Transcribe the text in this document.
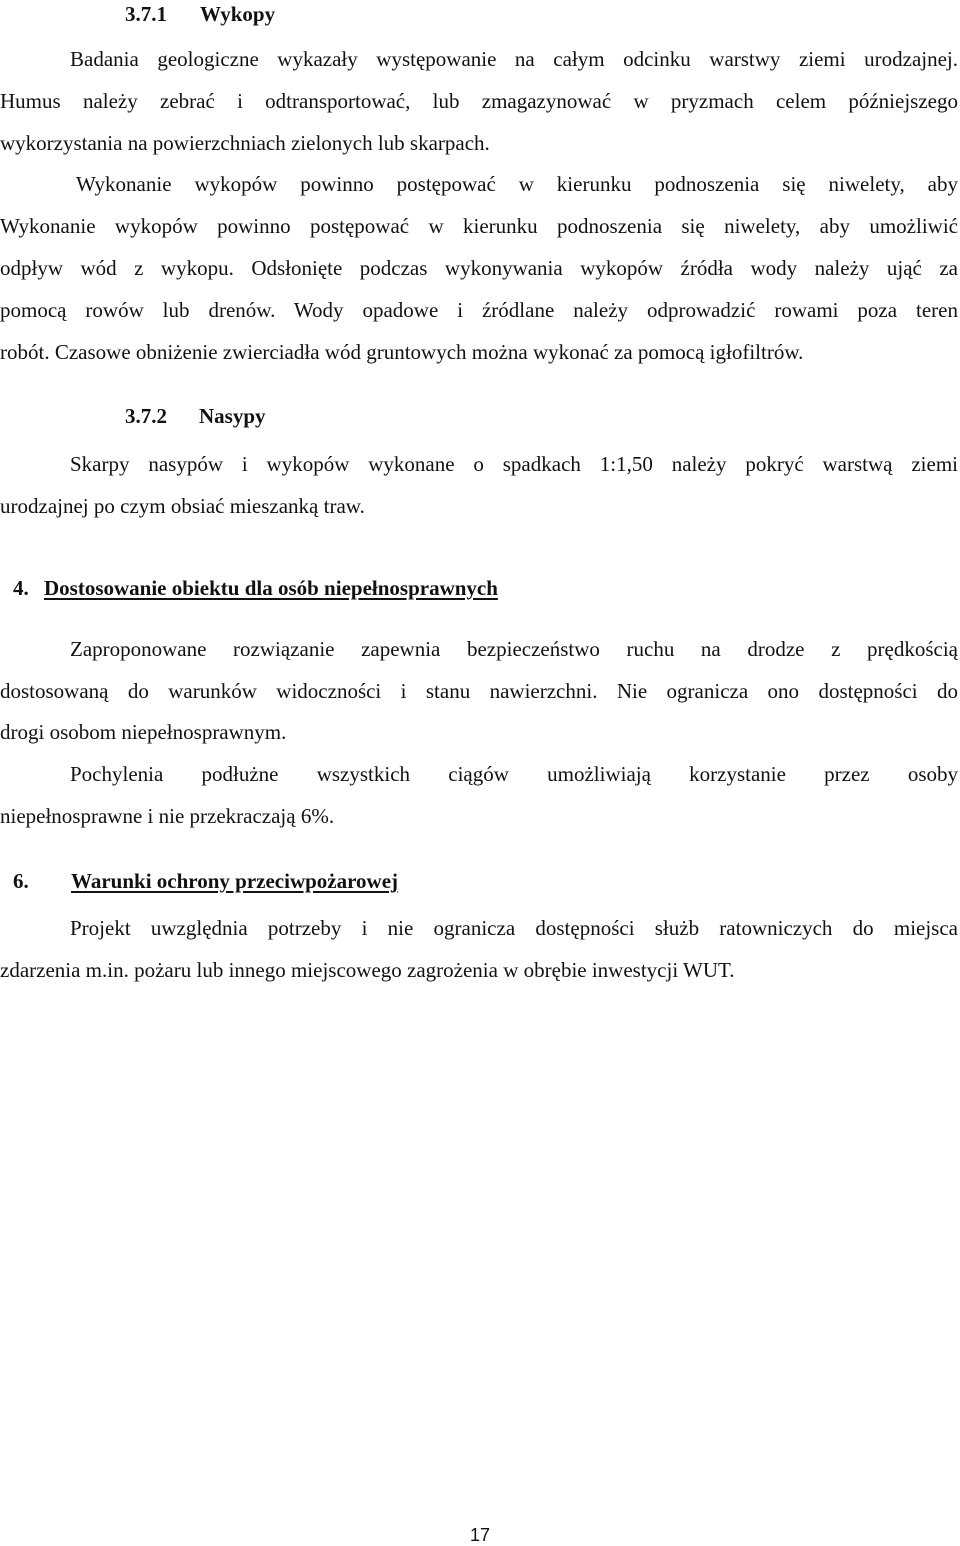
3.7.1 Wykopy
Badania geologiczne wykazały występowanie na całym odcinku warstwy ziemi urodzajnej.
Humus należy zebrać i odtransportować, lub zmagazynować w pryzmach celem późniejszego
wykorzystania na powierzchniach zielonych lub skarpach.
Wykonanie wykopów powinno postępować w kierunku podnoszenia się niwelety, aby
Wykonanie wykopów powinno postępować w kierunku podnoszenia się niwelety, aby umożliwić
odpływ wód z wykopu. Odsłonięte podczas wykonywania wykopów źródła wody należy ująć za
pomocą rowów lub drenów. Wody opadowe i źródlane należy odprowadzić rowami poza teren
robót. Czasowe obniżenie zwierciadła wód gruntowych można wykonać za pomocą igłofiltrów.
3.7.2 Nasypy
Skarpy nasypów i wykopów wykonane o spadkach 1:1,50 należy pokryć warstwą ziemi
urodzajnej po czym obsiać mieszanką traw.
4. Dostosowanie obiektu dla osób niepełnosprawnych
Zaproponowane rozwiązanie zapewnia bezpieczeństwo ruchu na drodze z prędkością
dostosowaną do warunków widoczności i stanu nawierzchni. Nie ogranicza ono dostępności do
drogi osobom niepełnosprawnym.
Pochylenia podłużne wszystkich ciągów umożliwiają korzystanie przez osoby
niepełnosprawne i nie przekraczają 6%.
6. Warunki ochrony przeciwpożarowej
Projekt uwzględnia potrzeby i nie ogranicza dostępności służb ratowniczych do miejsca
zdarzenia m.in. pożaru lub innego miejscowego zagrożenia w obrębie inwestycji WUT.
17
